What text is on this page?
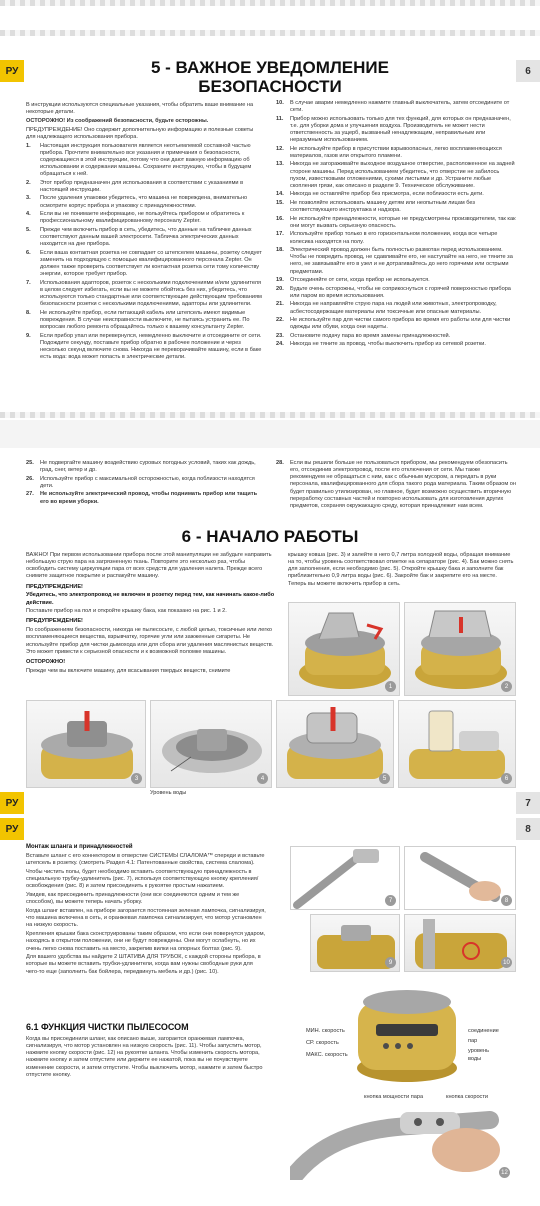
РУ	6
5 - ВАЖНОЕ УВЕДОМЛЕНИЕ
БЕЗОПАСНОСТИ

В инструкции используются специальные указания, чтобы обратить ваше внимание на некоторые детали.

ОСТОРОЖНО! Из соображений безопасности, будьте осторожны.

ПРЕДУПРЕЖДЕНИЕ! Оно содержит дополнительную информацию и полезные советы для надлежащего использования прибора.

1.	Настоящая инструкция пользователя является неотъемлемой составной частью прибора. Прочтите внимательно все указания и примечания о безопасности, содержащиеся в этой инструкции, потому что они дают важную информацию об использовании и содержании машины. Сохраните инструкцию, чтобы в будущем обращаться к ней.
2.	Этот прибор предназначен для использования в соответствии с указаниями в настоящей инструкции.
3.	После удаления упаковки убедитесь, что машина не повреждена, внимательно осмотрите корпус прибора и упаковку с принадлежностями.
4.	Если вы не понимаете информацию, не пользуйтесь прибором и обратитесь к профессиональному квалифицированному персоналу Zepter.
5.	Прежде чем включить прибор в сеть, убедитесь, что данные на табличке данных соответствуют данным вашей электросети. Табличка электрических данных находится на дне прибора.
6.	Если ваша контактная розетка не совпадает со штепселем машины, розетку следует заменить на подходящую с помощью квалифицированного персонала Zepter. Он должен также проверить соответствует ли контактная розетка сети тому количеству энергии, которое требует прибор.
7.	Использования адапторов, розеток с несколькими подключениями и/или удлинителя в целом следует избегать, если вы не можете обойтись без них, убедитесь, что используются только стандартные или соответствующие действующим требованиям безопасности розетки с несколькими подключениями, адапторы или удлинители.
8.	Не используйте прибор, если питающий кабель или штепсель имеют видимые повреждения. В случае неисправности выключите, не пытаясь устранить ее. По вопросам любого ремонта обращайтесь только к вашему консультанту Zepter.
9.	Если прибор упал или перевернулся, немедленно выключите и отсоедините от сети. Подождите секунду, поставьте прибор обратно в рабочее положение и через несколько секунд включите снова. Никогда не переворачивайте машину, если в баке есть вода: вода может попасть в электрические детали.
10.	В случае аварии немедленно нажмите главный выключатель, затем отсоедините от сети.
11.	Прибор можно использовать только для тех функций, для которых он предназначен, т.е. для уборки дома и улучшения воздуха. Производитель не может нести ответственность за ущерб, вызванный ненадлежащим, неправильным или неразумным использованием.
12.	Не используйте прибор в присутствии взрывоопасных, легко воспламеняющихся материалов, газов или открытого пламени.
13.	Никогда не загораживайте выходное воздушное отверстие, расположенное на задней стороне машины. Перед использованием убедитесь, что отверстие не забилось пухом, известковыми отложениями, сухими листьями и др. Устраните любые скопления грязи, как описано в разделе 9. Техническое обслуживание.
14.	Никогда не оставляйте прибор без присмотра, если поблизости есть дети.
15.	Не позволяйте использовать машину детям или неопытным лицам без соответствующего инструктажа и надзора.
16.	Не используйте принадлежности, которые не предусмотрены производителем, так как они могут вызвать серьезную опасность.
17.	Используйте прибор только в его горизонтальном положении, когда все четыре колесика находятся на полу.
18.	Электрический провод должен быть полностью размотан перед использованием. Чтобы не повредить провод, не сдавливайте его, не наступайте на него, не тяните за него, не завязывайте его в узел и не дотрагивайтесь до него горячими или острыми предметами.
19.	Отсоединяйте от сети, когда прибор не используется.
20.	Будьте очень осторожны, чтобы не соприкоснуться с горячей поверхностью прибора или паром во время использования.
21.	Никогда не направляйте струю пара на людей или животных, электропроводку, асбестосодержащие материалы или токсичные или опасные материалы.
22.	Не используйте пар для чистки самого прибора во время его работы или для чистки одежды или обуви, когда они надеты.
23.	Остановите подачу пара во время замены принадлежностей.
24.	Никогда не тяните за провод, чтобы выключить прибор из сетевой розетки.
25.	Не подвергайте машину воздействию суровых погодных условий, таких как дождь, град, снег, ветер и др.
26.	Используйте прибор с максимальной осторожностью, когда поблизости находятся дети.
27.	Не используйте электрический провод, чтобы поднимать прибор или тащить его во время уборки.
28.	Если вы решили больше не пользоваться прибором, мы рекомендуем обезопасить его, отсоединив электропровод, после его отключения от сети. Мы также рекомендуем не обращаться с ним, как с обычным мусором, а передать в руки персонала, квалифицированного для сбора такого рода материала. Таким образом он будет правильно утилизирован, но главное, будет возможно осуществить вторичную переработку составных частей и повторно использовать для изготовления других предметов, сохраняя окружающую среду, которая принадлежит нам всем.
6 - НАЧАЛО РАБОТЫ

ВАЖНО! При первом использовании прибора после этой манипуляции не забудьте направить небольшую струю пара на загрязненную ткань. Повторите это несколько раз, чтобы освободить систему циркуляции пара от всех средств для удаления налета. Прежде всего снимите защитное покрытие и распакуйте машину.

ПРЕДУПРЕЖДЕНИЕ!

Убедитесь, что электропровод не включен в розетку перед тем, как начинать какое-либо действие.

Поставьте прибор на пол и откройте крышку бака, как показано на рис. 1 и 2.

ПРЕДУПРЕЖДЕНИЕ!

По соображениям безопасности, никогда не пылесосьте, с любой целью, токсичные или легко воспламеняющиеся вещества, взрывчатку, горячие угли или зажженные сигареты. Не используйте прибор для чистки дымохода или для сбора или удаления маслянистых веществ. Это может привести к серьезной опасности и к возможной поломке машины.

ОСТОРОЖНО!

Прежде чем вы включите машину, для всасывания твердых веществ, снимите

крышку ковша (рис. 3) и залейте в него 0,7 литра холодной воды, обращая внимание на то, чтобы уровень соответствовал отметке на сепараторе (рис. 4). Бак можно снять для заполнения, если необходимо (рис. 5). Откройте крышку бака и заполните бак приблизительно 0,9 литра воды (рис. 6). Закройте бак и закрепите его на месте. Теперь вы можете включить прибор в сеть.

1	2
3	4	5	6
Уровень воды
РУ	7
РУ	8

Монтаж шланга и принадлежностей

Вставьте шланг с его коннектором в отверстие СИСТЕМЫ СЛАЛОМА™ спереди и вставьте штепсель в розетку. (смотреть Раздел 4.1: Патентованные свойства, система слалома).

Чтобы чистить полы, будет необходимо вставить соответствующую принадлежность в специальную трубку-удлинитель (рис. 7), используя соответствующую кнопку крепления/освобождения (рис. 8) и затем присоединить к рукоятке простым нажатием.

Увидев, как присоединить принадлежности (они все соединяются одним и тем же способом), вы можете теперь начать уборку.

Когда шланг вставлен, на приборе загорается постоянная зеленая лампочка, сигнализируя, что машина включена в сеть, и оранжевая лампочка сигнализирует, что мотор установлен на низкую скорость.

Крепления крышки бака сконструированы таким образом, что если они повернутся ударом, находясь в открытом положении, они не будут повреждены. Они могут ослабнуть, но их очень легко снова поставить на место, закрепив вилки на опорных болтах (рис. 9).

Для вашего удобства вы найдете 2 ШТАТИВА ДЛЯ ТРУБОК, с каждой стороны прибора, в которые вы можете вставить трубки-удлинители, когда вам нужны свободные руки для чего-то еще (заполнить бак бойлера, передвинуть мебель и др.) (рис. 10).

6.1 ФУНКЦИЯ ЧИСТКИ ПЫЛЕСОСОМ

Когда вы присоединили шланг, как описано выше, загорается оранжевая лампочка, сигнализируя, что мотор установлен на низкую скорость (рис. 11). Чтобы запустить мотор, нажмите кнопку скорости (рис. 12) на рукоятке шланга. Чтобы изменить скорость мотора, нажмите кнопку и затем отпустите или держите ее нажатой, пока вы не почувствуете изменение скорости, и затем отпустите. Чтобы выключить мотор, нажмите и затем быстро отпустите кнопку.

7	8
9	10
МИН. скорость
СР. скорость
МАКС. скорость
соединение
пар
уровень
воды
12
кнопка мощности пара	кнопка скорости
